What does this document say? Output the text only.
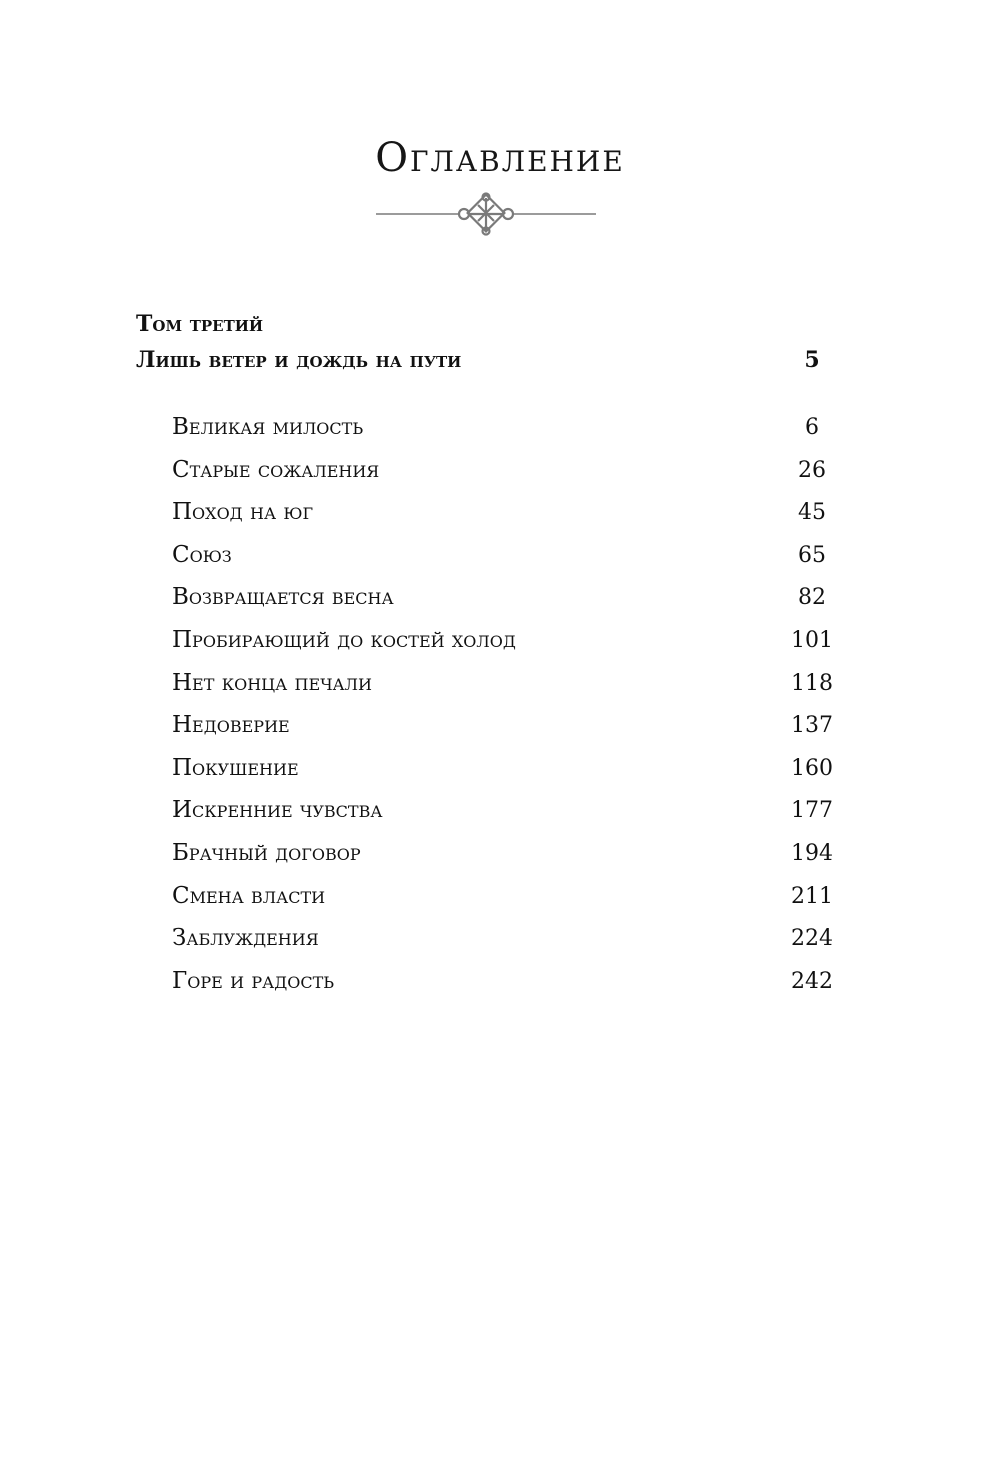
Оглавление
Том третий
Лишь ветер и дождь на пути	5
Великая милость	6
Старые сожаления	26
Поход на юг	45
Союз	65
Возвращается весна	82
Пробирающий до костей холод	101
Нет конца печали	118
Недоверие	137
Покушение	160
Искренние чувства	177
Брачный договор	194
Смена власти	211
Заблуждения	224
Горе и радость	242
